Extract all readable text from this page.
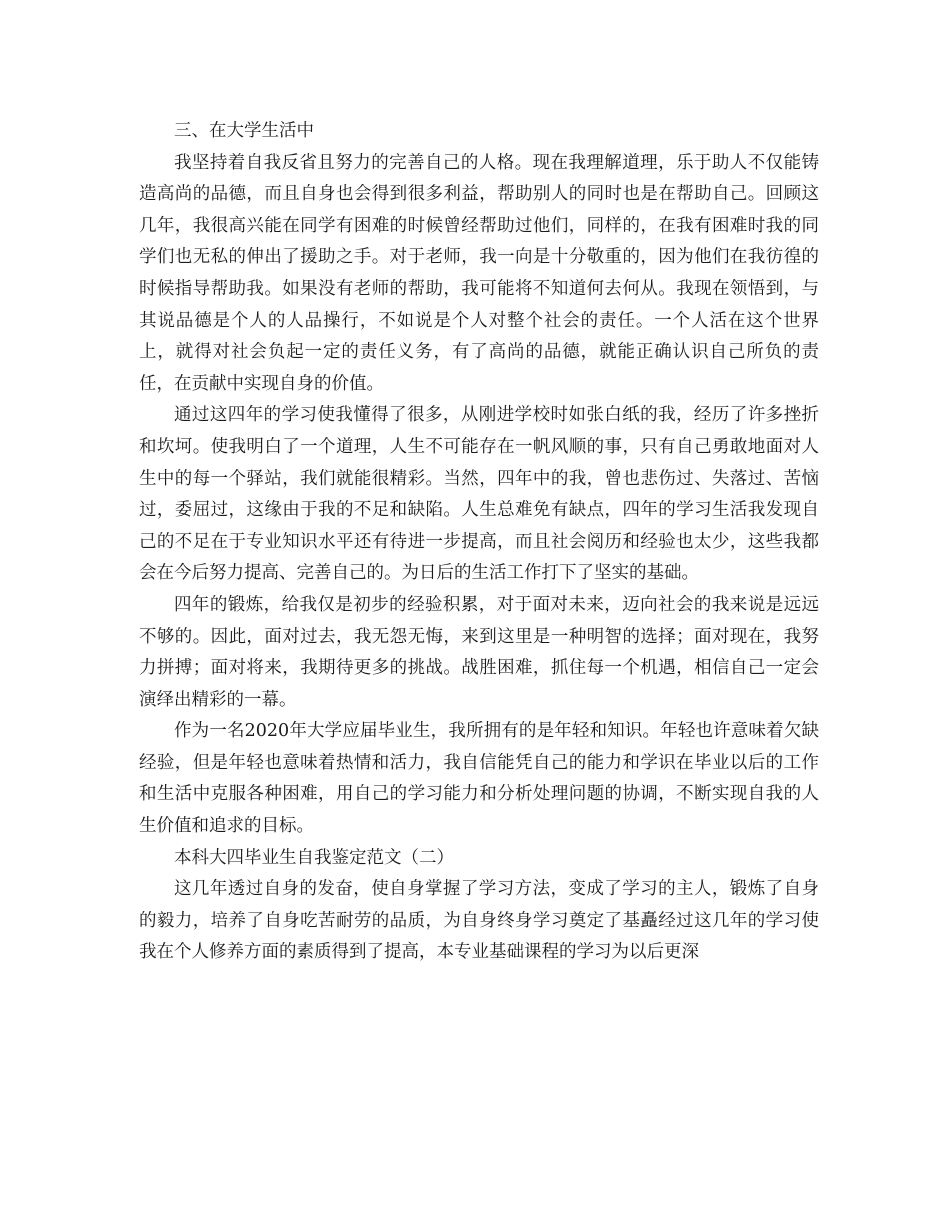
三、在大学生活中

我坚持着自我反省且努力的完善自己的人格。现在我理解道理，乐于助人不仅能铸造高尚的品德，而且自身也会得到很多利益，帮助别人的同时也是在帮助自己。回顾这几年，我很高兴能在同学有困难的时候曾经帮助过他们，同样的，在我有困难时我的同学们也无私的伸出了援助之手。对于老师，我一向是十分敬重的，因为他们在我彷徨的时候指导帮助我。如果没有老师的帮助，我可能将不知道何去何从。我现在领悟到，与其说品德是个人的人品操行，不如说是个人对整个社会的责任。一个人活在这个世界上，就得对社会负起一定的责任义务，有了高尚的品德，就能正确认识自己所负的责任，在贡献中实现自身的价值。

通过这四年的学习使我懂得了很多，从刚进学校时如张白纸的我，经历了许多挫折和坎坷。使我明白了一个道理，人生不可能存在一帆风顺的事，只有自己勇敢地面对人生中的每一个驿站，我们就能很精彩。当然，四年中的我，曾也悲伤过、失落过、苦恼过，委屈过，这缘由于我的不足和缺陷。人生总难免有缺点，四年的学习生活我发现自己的不足在于专业知识水平还有待进一步提高，而且社会阅历和经验也太少，这些我都会在今后努力提高、完善自己的。为日后的生活工作打下了坚实的基础。

四年的锻炼，给我仅是初步的经验积累，对于面对未来，迈向社会的我来说是远远不够的。因此，面对过去，我无怨无悔，来到这里是一种明智的选择；面对现在，我努力拼搏；面对将来，我期待更多的挑战。战胜困难，抓住每一个机遇，相信自己一定会演绎出精彩的一幕。

作为一名2020年大学应届毕业生，我所拥有的是年轻和知识。年轻也许意味着欠缺经验，但是年轻也意味着热情和活力，我自信能凭自己的能力和学识在毕业以后的工作和生活中克服各种困难，用自己的学习能力和分析处理问题的协调，不断实现自我的人生价值和追求的目标。

本科大四毕业生自我鉴定范文（二）

这几年透过自身的发奋，使自身掌握了学习方法，变成了学习的主人，锻炼了自身的毅力，培养了自身吃苦耐劳的品质，为自身终身学习奠定了基矗经过这几年的学习使我在个人修养方面的素质得到了提高，本专业基础课程的学习为以后更深
